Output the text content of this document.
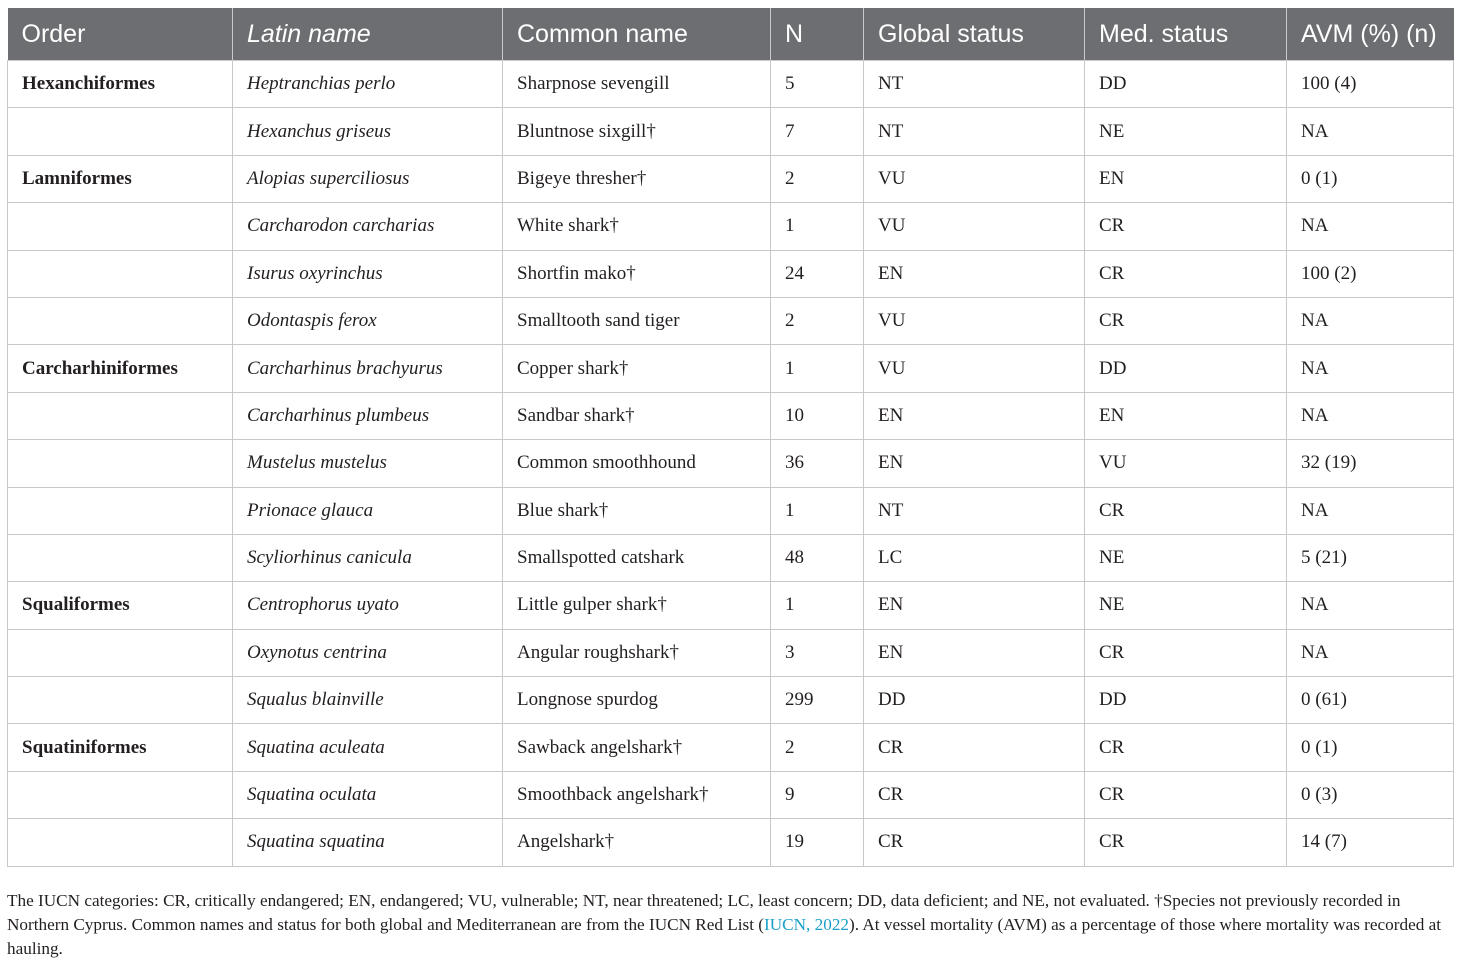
Order	Latin name	Common name	N	Global status	Med. status	AVM (%) (n)
Hexanchiformes	Heptranchias perlo	Sharpnose sevengill	5	NT	DD	100 (4)
	Hexanchus griseus	Bluntnose sixgill†	7	NT	NE	NA
Lamniformes	Alopias superciliosus	Bigeye thresher†	2	VU	EN	0 (1)
	Carcharodon carcharias	White shark†	1	VU	CR	NA
	Isurus oxyrinchus	Shortfin mako†	24	EN	CR	100 (2)
	Odontaspis ferox	Smalltooth sand tiger	2	VU	CR	NA
Carcharhiniformes	Carcharhinus brachyurus	Copper shark†	1	VU	DD	NA
	Carcharhinus plumbeus	Sandbar shark†	10	EN	EN	NA
	Mustelus mustelus	Common smoothhound	36	EN	VU	32 (19)
	Prionace glauca	Blue shark†	1	NT	CR	NA
	Scyliorhinus canicula	Smallspotted catshark	48	LC	NE	5 (21)
Squaliformes	Centrophorus uyato	Little gulper shark†	1	EN	NE	NA
	Oxynotus centrina	Angular roughshark†	3	EN	CR	NA
	Squalus blainville	Longnose spurdog	299	DD	DD	0 (61)
Squatiniformes	Squatina aculeata	Sawback angelshark†	2	CR	CR	0 (1)
	Squatina oculata	Smoothback angelshark†	9	CR	CR	0 (3)
	Squatina squatina	Angelshark†	19	CR	CR	14 (7)
The IUCN categories: CR, critically endangered; EN, endangered; VU, vulnerable; NT, near threatened; LC, least concern; DD, data deficient; and NE, not evaluated. †Species not previously recorded in Northern Cyprus. Common names and status for both global and Mediterranean are from the IUCN Red List (IUCN, 2022). At vessel mortality (AVM) as a percentage of those where mortality was recorded at hauling.
